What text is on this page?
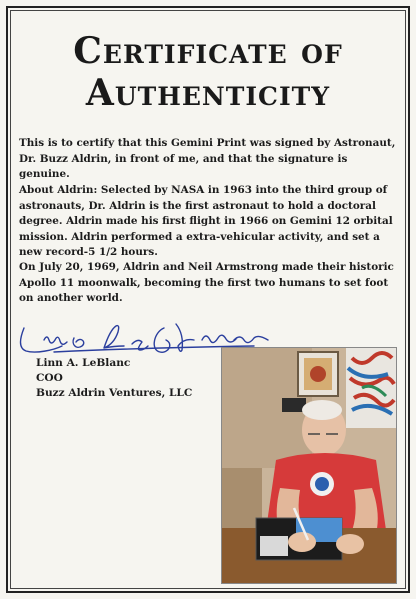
Certificate of
Authenticity
This is to certify that this Gemini Print was signed by Astronaut, Dr. Buzz Aldrin, in front of me, and that the signature is genuine.
About Aldrin: Selected by NASA in 1963 into the third group of astronauts, Dr. Aldrin is the first astronaut to hold a doctoral degree. Aldrin made his first flight in 1966 on Gemini 12 orbital mission. Aldrin performed a extra-vehicular activity, and set a new record-5 1/2 hours.
On July 20, 1969, Aldrin and Neil Armstrong made their historic Apollo 11 moonwalk, becoming the first two humans to set foot on another world.
Linn A. LeBlanc
COO
Buzz Aldrin Ventures, LLC
